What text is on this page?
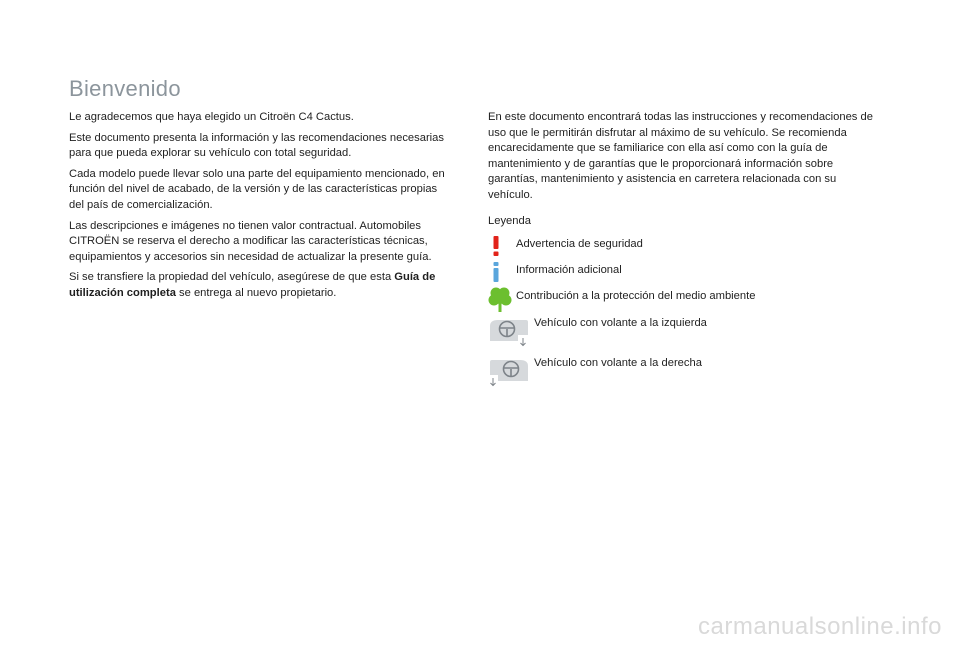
Bienvenido

Le agradecemos que haya elegido un Citroën C4 Cactus.

Este documento presenta la información y las recomendaciones necesarias para que pueda explorar su vehículo con total seguridad.

Cada modelo puede llevar solo una parte del equipamiento mencionado, en función del nivel de acabado, de la versión y de las características propias del país de comercialización.

Las descripciones e imágenes no tienen valor contractual. Automobiles CITROËN se reserva el derecho a modificar las características técnicas, equipamientos y accesorios sin necesidad de actualizar la presente guía.

Si se transfiere la propiedad del vehículo, asegúrese de que esta Guía de utilización completa se entrega al nuevo propietario.

En este documento encontrará todas las instrucciones y recomendaciones de uso que le permitirán disfrutar al máximo de su vehículo. Se recomienda encarecidamente que se familiarice con ella así como con la guía de mantenimiento y de garantías que le proporcionará información sobre garantías, mantenimiento y asistencia en carretera relacionada con su vehículo.

Leyenda

Advertencia de seguridad
Información adicional
Contribución a la protección del medio ambiente
Vehículo con volante a la izquierda
Vehículo con volante a la derecha
carmanualsonline.info
